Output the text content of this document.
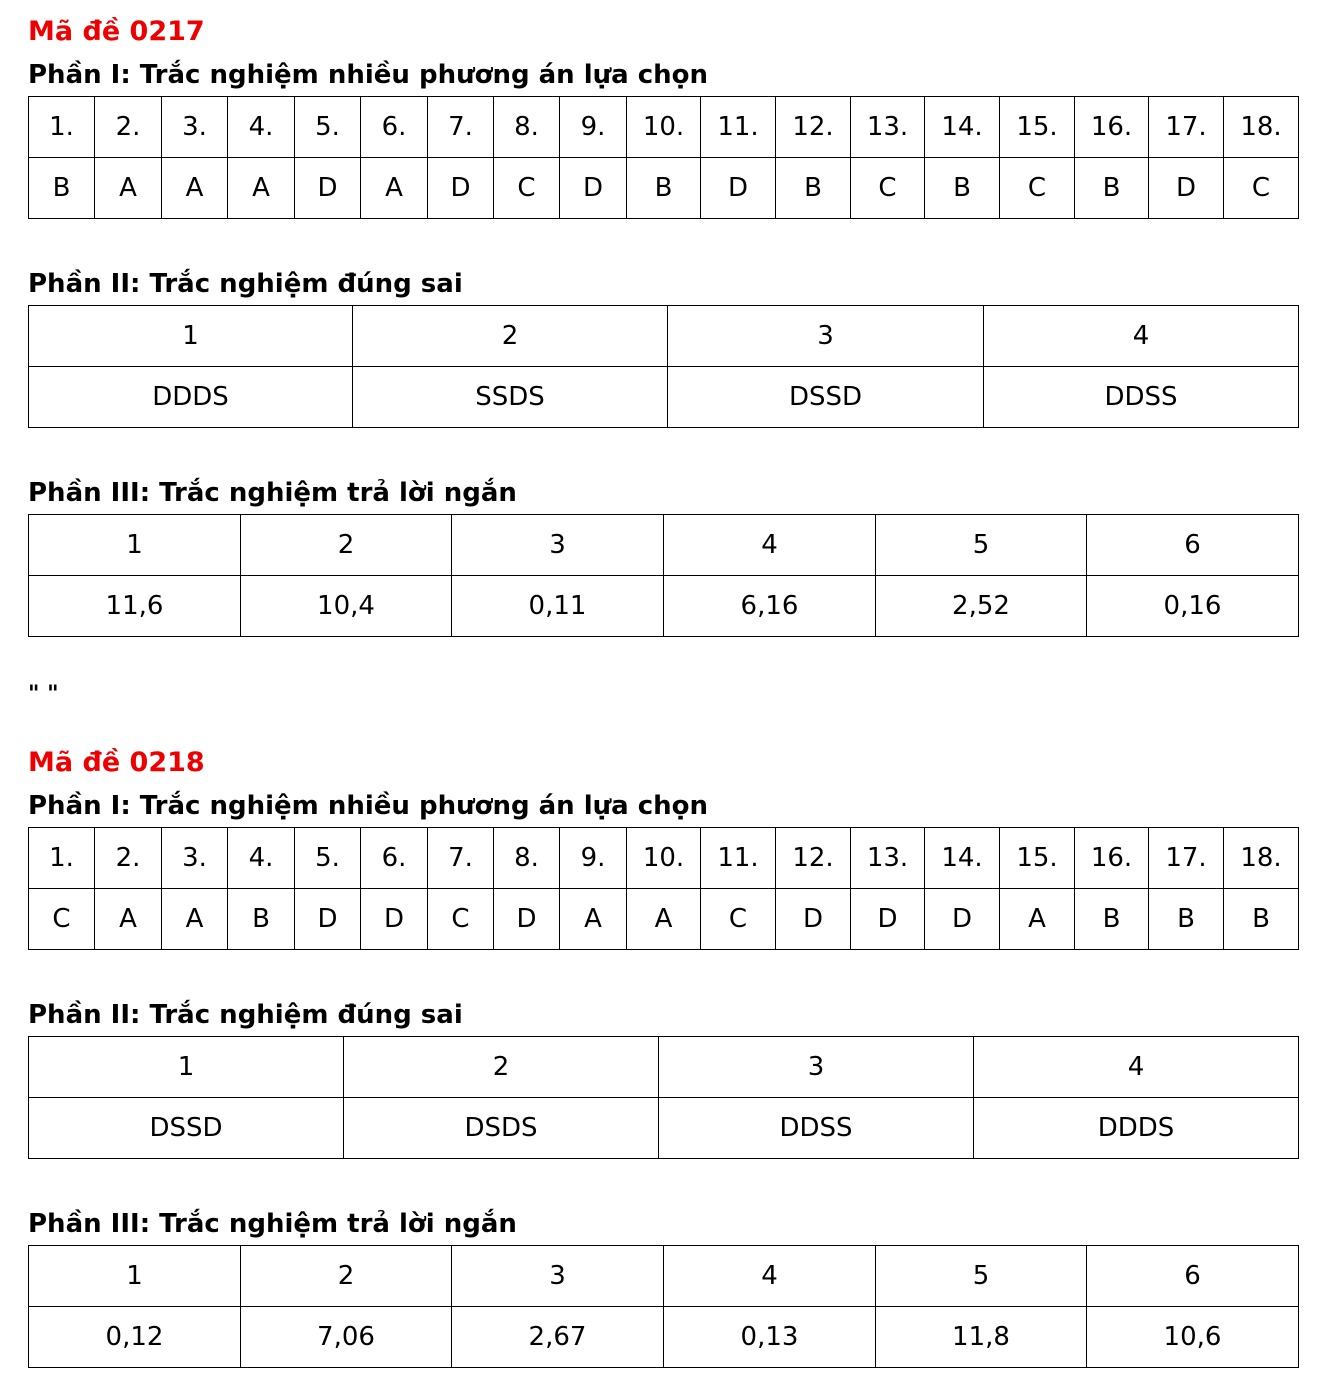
Mã đề 0217
Phần I: Trắc nghiệm nhiều phương án lựa chọn
1.	2.	3.	4.	5.	6.	7.	8.	9.	10.	11.	12.	13.	14.	15.	16.	17.	18.
B	A	A	A	D	A	D	C	D	B	D	B	C	B	C	B	D	C
Phần II: Trắc nghiệm đúng sai
1	2	3	4
DDDS	SSDS	DSSD	DDSS
Phần III: Trắc nghiệm trả lời ngắn
1	2	3	4	5	6
11,6	10,4	0,11	6,16	2,52	0,16
" "
Mã đề 0218
Phần I: Trắc nghiệm nhiều phương án lựa chọn
1.	2.	3.	4.	5.	6.	7.	8.	9.	10.	11.	12.	13.	14.	15.	16.	17.	18.
C	A	A	B	D	D	C	D	A	A	C	D	D	D	A	B	B	B
Phần II: Trắc nghiệm đúng sai
1	2	3	4
DSSD	DSDS	DDSS	DDDS
Phần III: Trắc nghiệm trả lời ngắn
1	2	3	4	5	6
0,12	7,06	2,67	0,13	11,8	10,6
